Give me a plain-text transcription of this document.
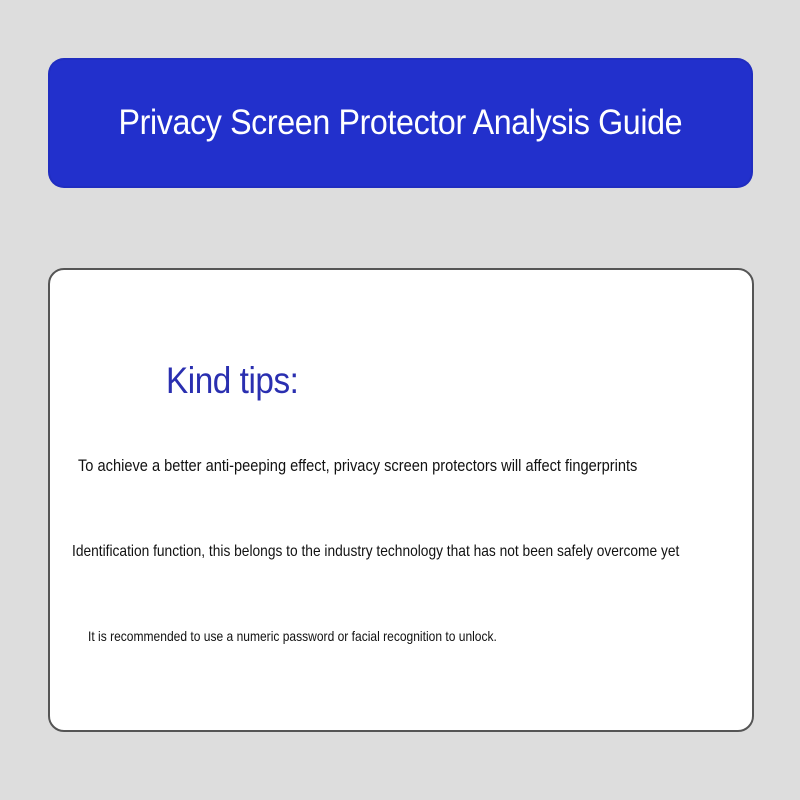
Privacy Screen Protector Analysis Guide
Kind tips:
To achieve a better anti-peeping effect, privacy screen protectors will affect fingerprints
Identification function, this belongs to the industry technology that has not been safely overcome yet
It is recommended to use a numeric password or facial recognition to unlock.
